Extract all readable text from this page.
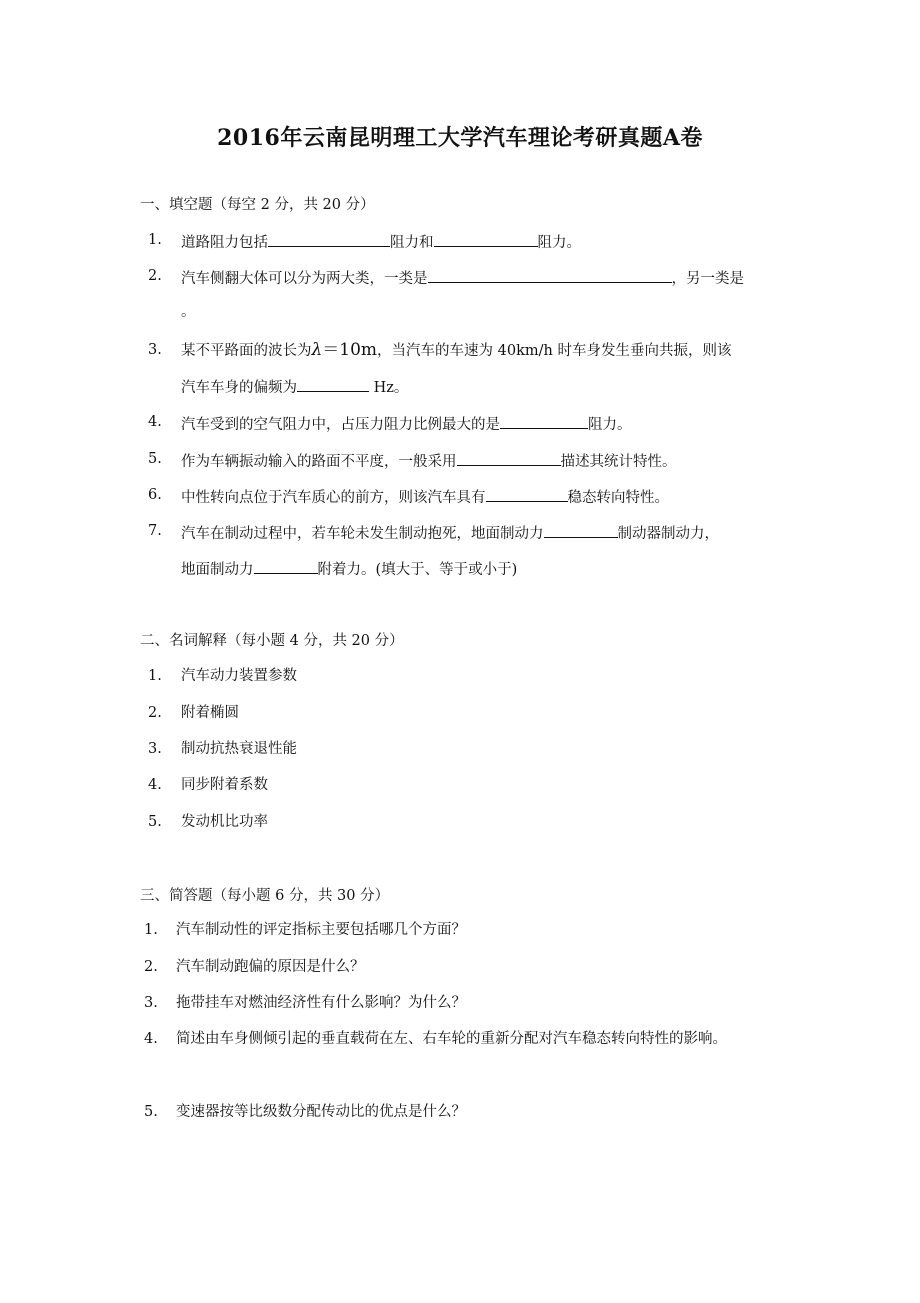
2016年云南昆明理工大学汽车理论考研真题A卷
一、填空题（每空 2 分，共 20 分）
1. 道路阻力包括	阻力和	阻力。
2. 汽车侧翻大体可以分为两大类，一类是	，另一类是
。
3. 某不平路面的波长为λ＝10m，当汽车的车速为 40km/h 时车身发生垂向共振，则该
汽车车身的偏频为	Hz。
4. 汽车受到的空气阻力中，占压力阻力比例最大的是	阻力。
5. 作为车辆振动输入的路面不平度，一般采用	描述其统计特性。
6. 中性转向点位于汽车质心的前方，则该汽车具有	稳态转向特性。
7. 汽车在制动过程中，若车轮未发生制动抱死，地面制动力	制动器制动力，
地面制动力	附着力。(填大于、等于或小于)
二、名词解释（每小题 4 分，共 20 分）
1. 汽车动力装置参数
2. 附着椭圆
3. 制动抗热衰退性能
4. 同步附着系数
5. 发动机比功率
三、简答题（每小题 6 分，共 30 分）
1. 汽车制动性的评定指标主要包括哪几个方面？
2. 汽车制动跑偏的原因是什么？
3. 拖带挂车对燃油经济性有什么影响？为什么？
4. 简述由车身侧倾引起的垂直载荷在左、右车轮的重新分配对汽车稳态转向特性的影响。
5. 变速器按等比级数分配传动比的优点是什么？
